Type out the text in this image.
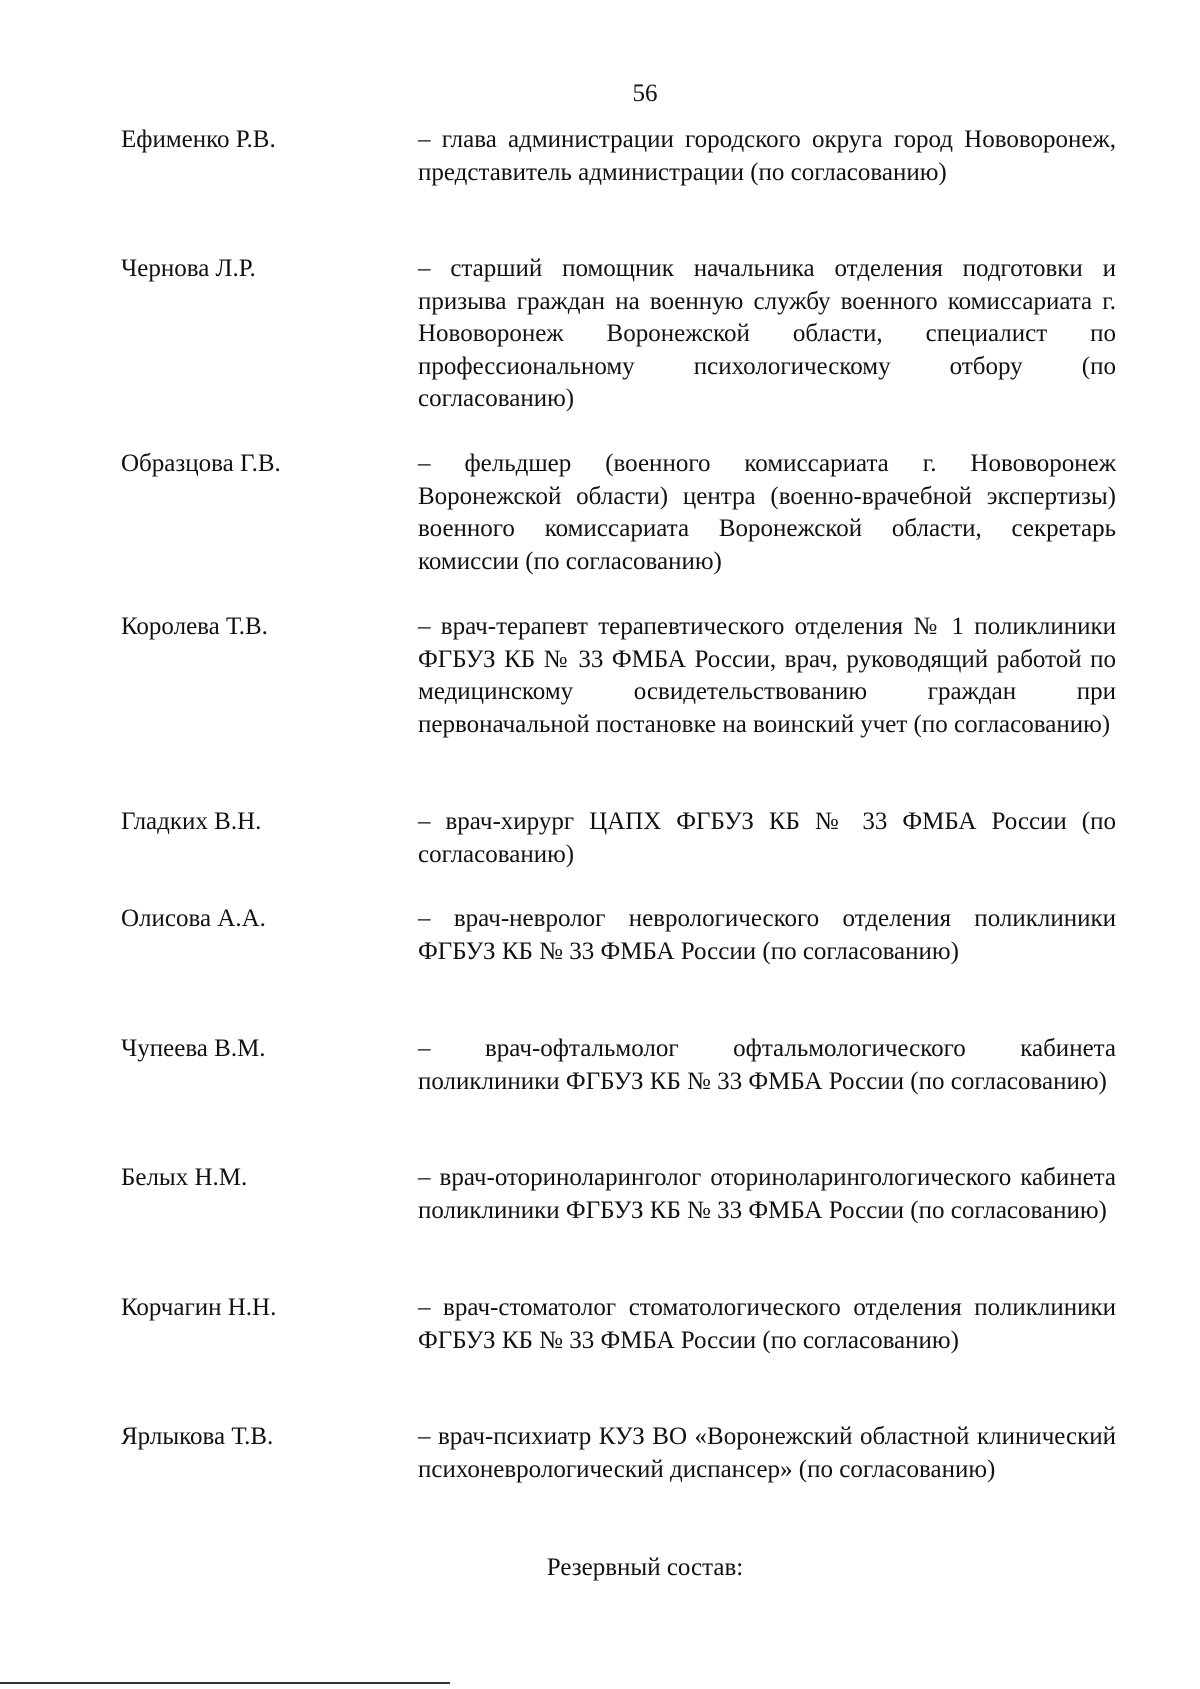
56
Ефименко Р.В.	– глава администрации городского округа город Нововоронеж, представитель администрации (по согласованию)
Чернова Л.Р.	– старший помощник начальника отделения подготовки и призыва граждан на военную службу военного комиссариата г. Нововоронеж Воронежской области, специалист по профессиональному психологическому отбору (по согласованию)
Образцова Г.В.	– фельдшер (военного комиссариата г. Нововоронеж Воронежской области) центра (военно-врачебной экспертизы) военного комиссариата Воронежской области, секретарь комиссии (по согласованию)
Королева Т.В.	– врач-терапевт терапевтического отделения № 1 поликлиники ФГБУЗ КБ № 33 ФМБА России, врач, руководящий работой по медицинскому освидетельствованию граждан при первоначальной постановке на воинский учет (по согласованию)
Гладких В.Н.	– врач-хирург ЦАПХ ФГБУЗ КБ № 33 ФМБА России (по согласованию)
Олисова А.А.	– врач-невролог неврологического отделения поликлиники ФГБУЗ КБ № 33 ФМБА России (по согласованию)
Чупеева В.М.	– врач-офтальмолог офтальмологического кабинета поликлиники ФГБУЗ КБ № 33 ФМБА России (по согласованию)
Белых Н.М.	– врач-оториноларинголог оториноларингологического кабинета поликлиники ФГБУЗ КБ № 33 ФМБА России (по согласованию)
Корчагин Н.Н.	– врач-стоматолог стоматологического отделения поликлиники ФГБУЗ КБ № 33 ФМБА России (по согласованию)
Ярлыкова Т.В.	– врач-психиатр КУЗ ВО «Воронежский областной клинический психоневрологический диспансер» (по согласованию)
Резервный состав:
